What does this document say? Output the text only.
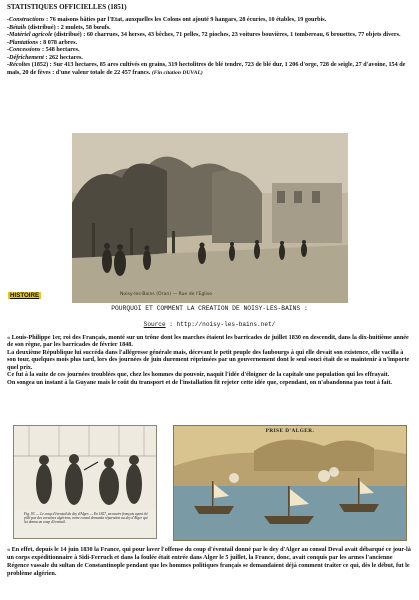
STATISTIQUES OFFICIELLES (1851)

-Constructions : 76 maisons bâties par l'Etat, auxquelles les Colons ont ajouté 9 hangars, 28 écuries, 10 étables, 19 gourbis.

-Bétails (distribué) : 2 mulets, 58 bœufs.

-Matériel agricole (distribué) : 60 charrues, 34 herses, 43 bêches, 71 pelles, 72 pioches, 23 voitures bouvières, 1 tombereau, 6 brouettes, 77 objets divers.

-Plantations : 8 078 arbres.

-Concessions : 548 hectares.

-Défrichement : 262 hectares.

-Récoltes (1852) : Sur 413 hectares, 85 ares cultivés en grains, 319 hectolitres de blé tendre, 723 de blé dur, 1 206 d'orge, 728 de seigle, 27 d'avoine, 154 de maïs, 20 de fèves : d'une valeur totale de 22 457 francs. (Fin citation DUVAL)

Noisy-les-Bains (Oran) — Rue de l'Eglise
HISTOIRE
POURQUOI ET COMMENT LA CREATION DE NOISY-LES-BAINS :
Source : http://noisy-les-bains.net/

« Louis-Philippe 1er, roi des Français, monté sur un trône dont les marches étaient les barricades de juillet 1830 en descendit, dans la dix-huitième année de son règne, par les barricades de février 1848.

La deuxième République lui succéda dans l'allégresse générale mais, décevant le petit peuple des faubourgs à qui elle devait son existence, elle vacilla à son tour, quelques mois plus tard, lors des journées de juin durement réprimées par un gouvernement dont le seul souci était de se maintenir à n'importe quel prix.

Ce fut à la suite de ces journées troublées que, chez les hommes du pouvoir, naquit l'idée d'éloigner de la capitale une population qui les effrayait.

On songea un instant à la Guyane mais le coût du transport et de l'installation fit rejeter cette idée que, cependant, on n'abandonna pas tout à fait.

Fig. 93. — Le coup d'éventail du dey d'Alger. — En 1827, un navire français ayant été pillé par des corsaires algériens, notre consul demanda réparation au dey d'Alger qui lui donna un coup d'éventail.
PRISE D'ALGER.

« En effet, depuis le 14 juin 1830 la France, qui pour laver l'offense du coup d'éventail donné par le dey d'Alger au consul Deval avait débarqué ce jour-là un corps expéditionnaire à Sidi-Ferruch et dans la foulée était entrée dans Alger le 5 juillet, la France, donc, avait conquis par les armes l'ancienne Régence vassale du sultan de Constantinople pendant que les hommes politiques français se demandaient déjà comment traiter ce qui, dès le début, fut le problème algérien.
